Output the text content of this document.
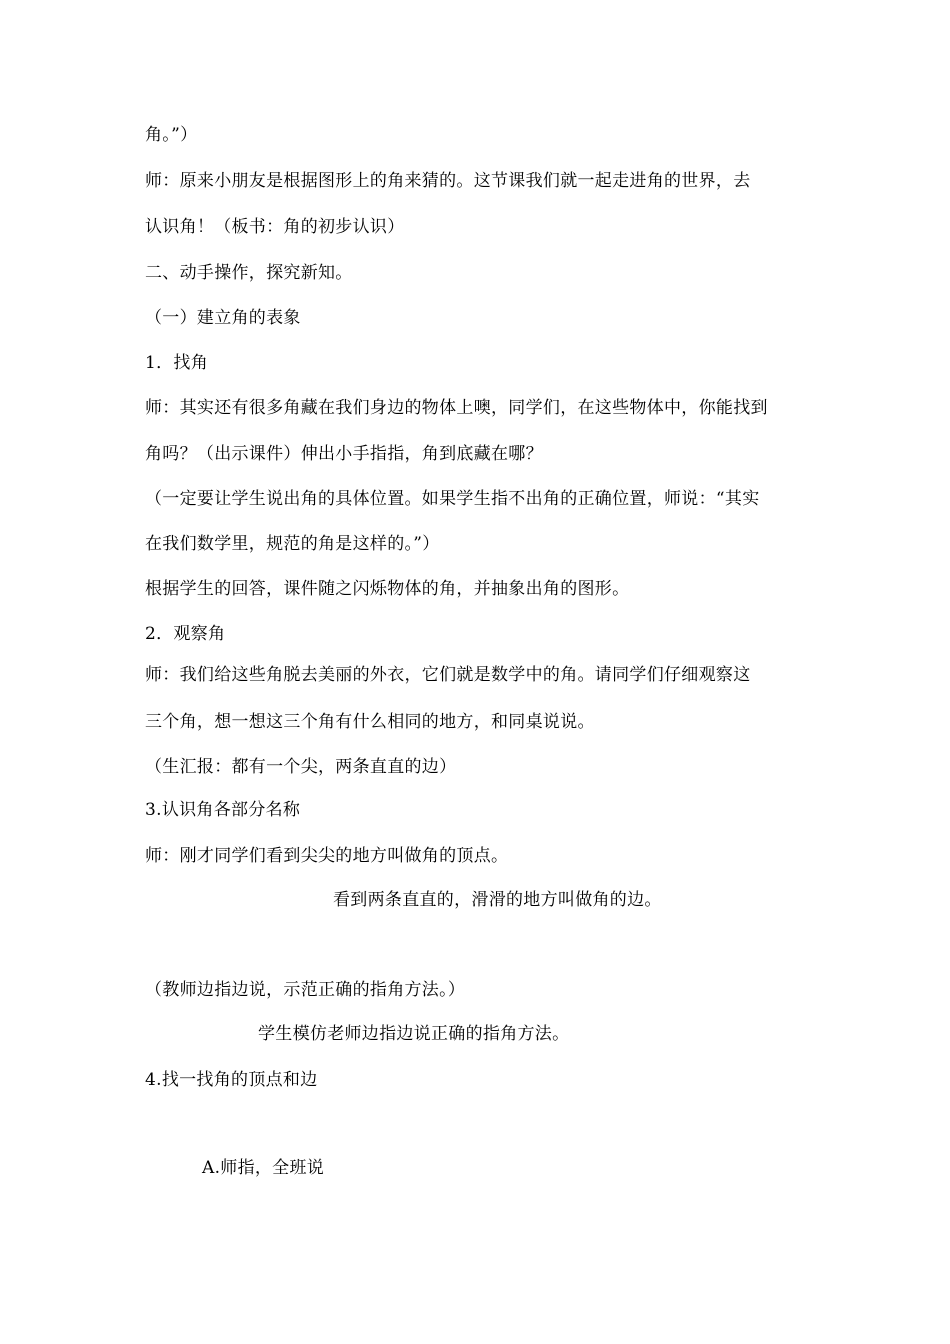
角。”）
师：原来小朋友是根据图形上的角来猜的。这节课我们就一起走进角的世界，去
认识角！（板书：角的初步认识）
二、动手操作，探究新知。
（一）建立角的表象
1．找角
师：其实还有很多角藏在我们身边的物体上噢，同学们，在这些物体中，你能找到
角吗？（出示课件）伸出小手指指，角到底藏在哪？
（一定要让学生说出角的具体位置。如果学生指不出角的正确位置，师说：“其实
在我们数学里，规范的角是这样的。”）
根据学生的回答，课件随之闪烁物体的角，并抽象出角的图形。
2．观察角
师：我们给这些角脱去美丽的外衣，它们就是数学中的角。请同学们仔细观察这
三个角，想一想这三个角有什么相同的地方，和同桌说说。
（生汇报：都有一个尖，两条直直的边）
3.认识角各部分名称
师：刚才同学们看到尖尖的地方叫做角的顶点。
看到两条直直的，滑滑的地方叫做角的边。
（教师边指边说，示范正确的指角方法。）
学生模仿老师边指边说正确的指角方法。
4.找一找角的顶点和边
A.师指，全班说
